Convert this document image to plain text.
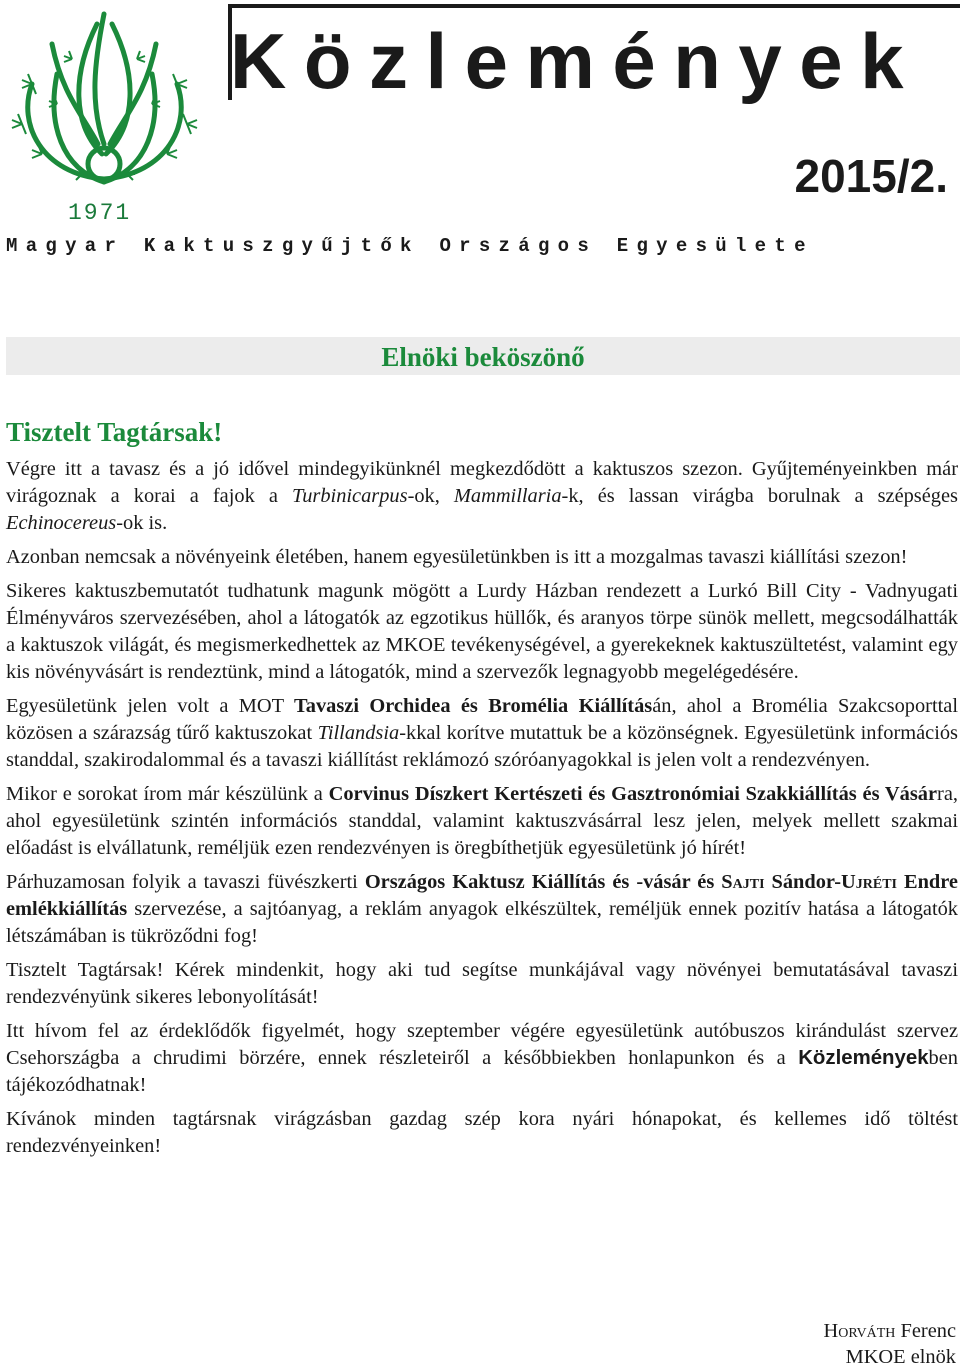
1971
Közlemények
2015/2.
Magyar Kaktuszgyűjtők Országos Egyesülete
Elnöki beköszönő
Tisztelt Tagtársak!

Végre itt a tavasz és a jó idővel mindegyikünknél megkezdődött a kaktuszos szezon. Gyűjteményeinkben már virágoznak a korai a fajok a Turbinicarpus-ok, Mammillaria-k, és lassan virágba borulnak a szépséges Echinocereus-ok is.

Azonban nemcsak a növényeink életében, hanem egyesületünkben is itt a mozgalmas tavaszi kiállítási szezon!

Sikeres kaktuszbemutatót tudhatunk magunk mögött a Lurdy Házban rendezett a Lurkó Bill City - Vadnyugati Élményváros szervezésében, ahol a látogatók az egzotikus hüllők, és aranyos törpe sünök mellett, megcsodálhatták a kaktuszok világát, és megismerkedhettek az MKOE tevékenységével, a gyerekeknek kaktuszültetést, valamint egy kis növényvásárt is rendeztünk, mind a látogatók, mind a szervezők legnagyobb megelégedésére.

Egyesületünk jelen volt a MOT Tavaszi Orchidea és Bromélia Kiállításán, ahol a Bromélia Szakcsoporttal közösen a szárazság tűrő kaktuszokat Tillandsia-kkal korítve mutattuk be a közönségnek. Egyesületünk információs standdal, szakirodalommal és a tavaszi kiállítást reklámozó szóróanyagokkal is jelen volt a rendezvényen.

Mikor e sorokat írom már készülünk a Corvinus Díszkert Kertészeti és Gasztronómiai Szakkiállítás és Vásárra, ahol egyesületünk szintén információs standdal, valamint kaktuszvásárral lesz jelen, melyek mellett szakmai előadást is elvállatunk, reméljük ezen rendezvényen is öregbíthetjük egyesületünk jó hírét!

Párhuzamosan folyik a tavaszi füvészkerti Országos Kaktusz Kiállítás és -vásár és Sajti Sándor-Ujréti Endre emlékkiállítás szervezése, a sajtóanyag, a reklám anyagok elkészültek, reméljük ennek pozitív hatása a látogatók létszámában is tükröződni fog!

Tisztelt Tagtársak! Kérek mindenkit, hogy aki tud segítse munkájával vagy növényei bemutatásával tavaszi rendezvényünk sikeres lebonyolítását!

Itt hívom fel az érdeklődők figyelmét, hogy szeptember végére egyesületünk autóbuszos kirándulást szervez Csehországba a chrudimi börzére, ennek részleteiről a későbbiekben honlapunkon és a Közleményekben tájékozódhatnak!

Kívánok minden tagtársnak virágzásban gazdag szép kora nyári hónapokat, és kellemes idő töltést rendezvényeinken!

Horváth Ferenc
MKOE elnök
